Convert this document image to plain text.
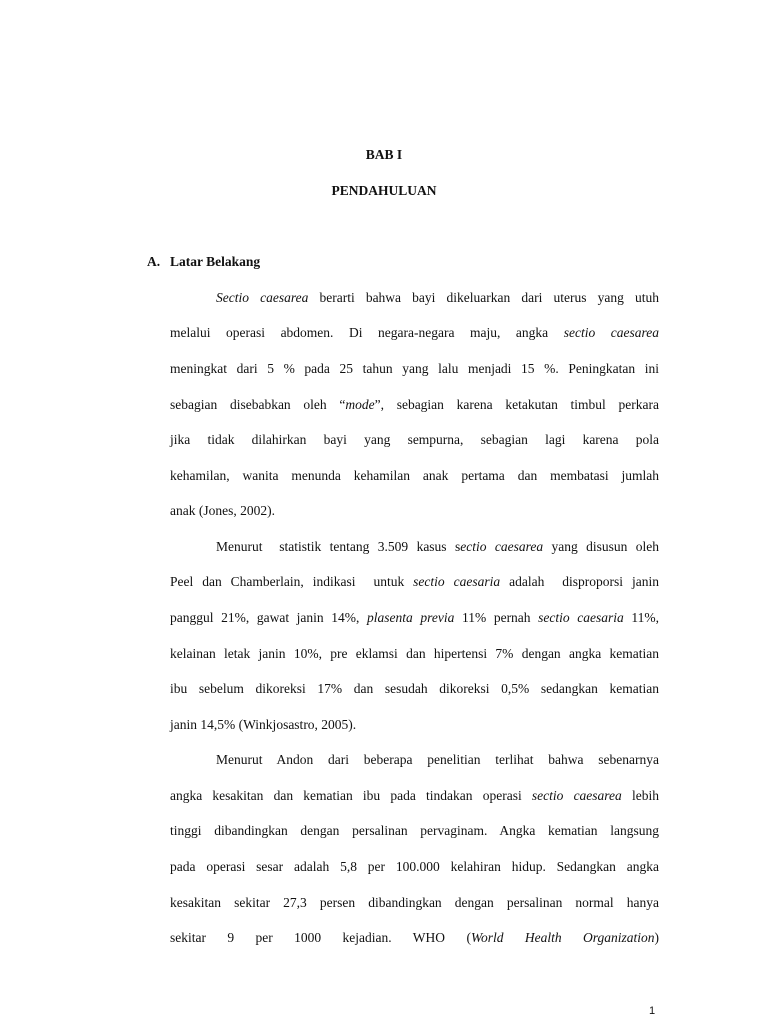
BAB I
PENDAHULUAN
A. Latar Belakang
Sectio caesarea berarti bahwa bayi dikeluarkan dari uterus yang utuh
melalui operasi abdomen. Di negara-negara maju, angka sectio caesarea
meningkat dari 5 % pada 25 tahun yang lalu menjadi 15 %. Peningkatan ini
sebagian disebabkan oleh “mode”, sebagian karena ketakutan timbul perkara
jika tidak dilahirkan bayi yang sempurna, sebagian lagi karena pola
kehamilan, wanita menunda kehamilan anak pertama dan membatasi jumlah
anak (Jones, 2002).
Menurut  statistik tentang 3.509 kasus sectio caesarea yang disusun oleh
Peel dan Chamberlain, indikasi  untuk sectio caesaria adalah  disproporsi janin
panggul 21%, gawat janin 14%, plasenta previa 11% pernah sectio caesaria 11%,
kelainan letak janin 10%, pre eklamsi dan hipertensi 7% dengan angka kematian
ibu sebelum dikoreksi 17% dan sesudah dikoreksi 0,5% sedangkan kematian
janin 14,5% (Winkjosastro, 2005).
Menurut Andon dari beberapa penelitian terlihat bahwa sebenarnya
angka kesakitan dan kematian ibu pada tindakan operasi sectio caesarea lebih
tinggi dibandingkan dengan persalinan pervaginam. Angka kematian langsung
pada operasi sesar adalah 5,8 per 100.000 kelahiran hidup. Sedangkan angka
kesakitan sekitar 27,3 persen dibandingkan dengan persalinan normal hanya
sekitar 9 per 1000 kejadian. WHO (World Health Organization)
1
